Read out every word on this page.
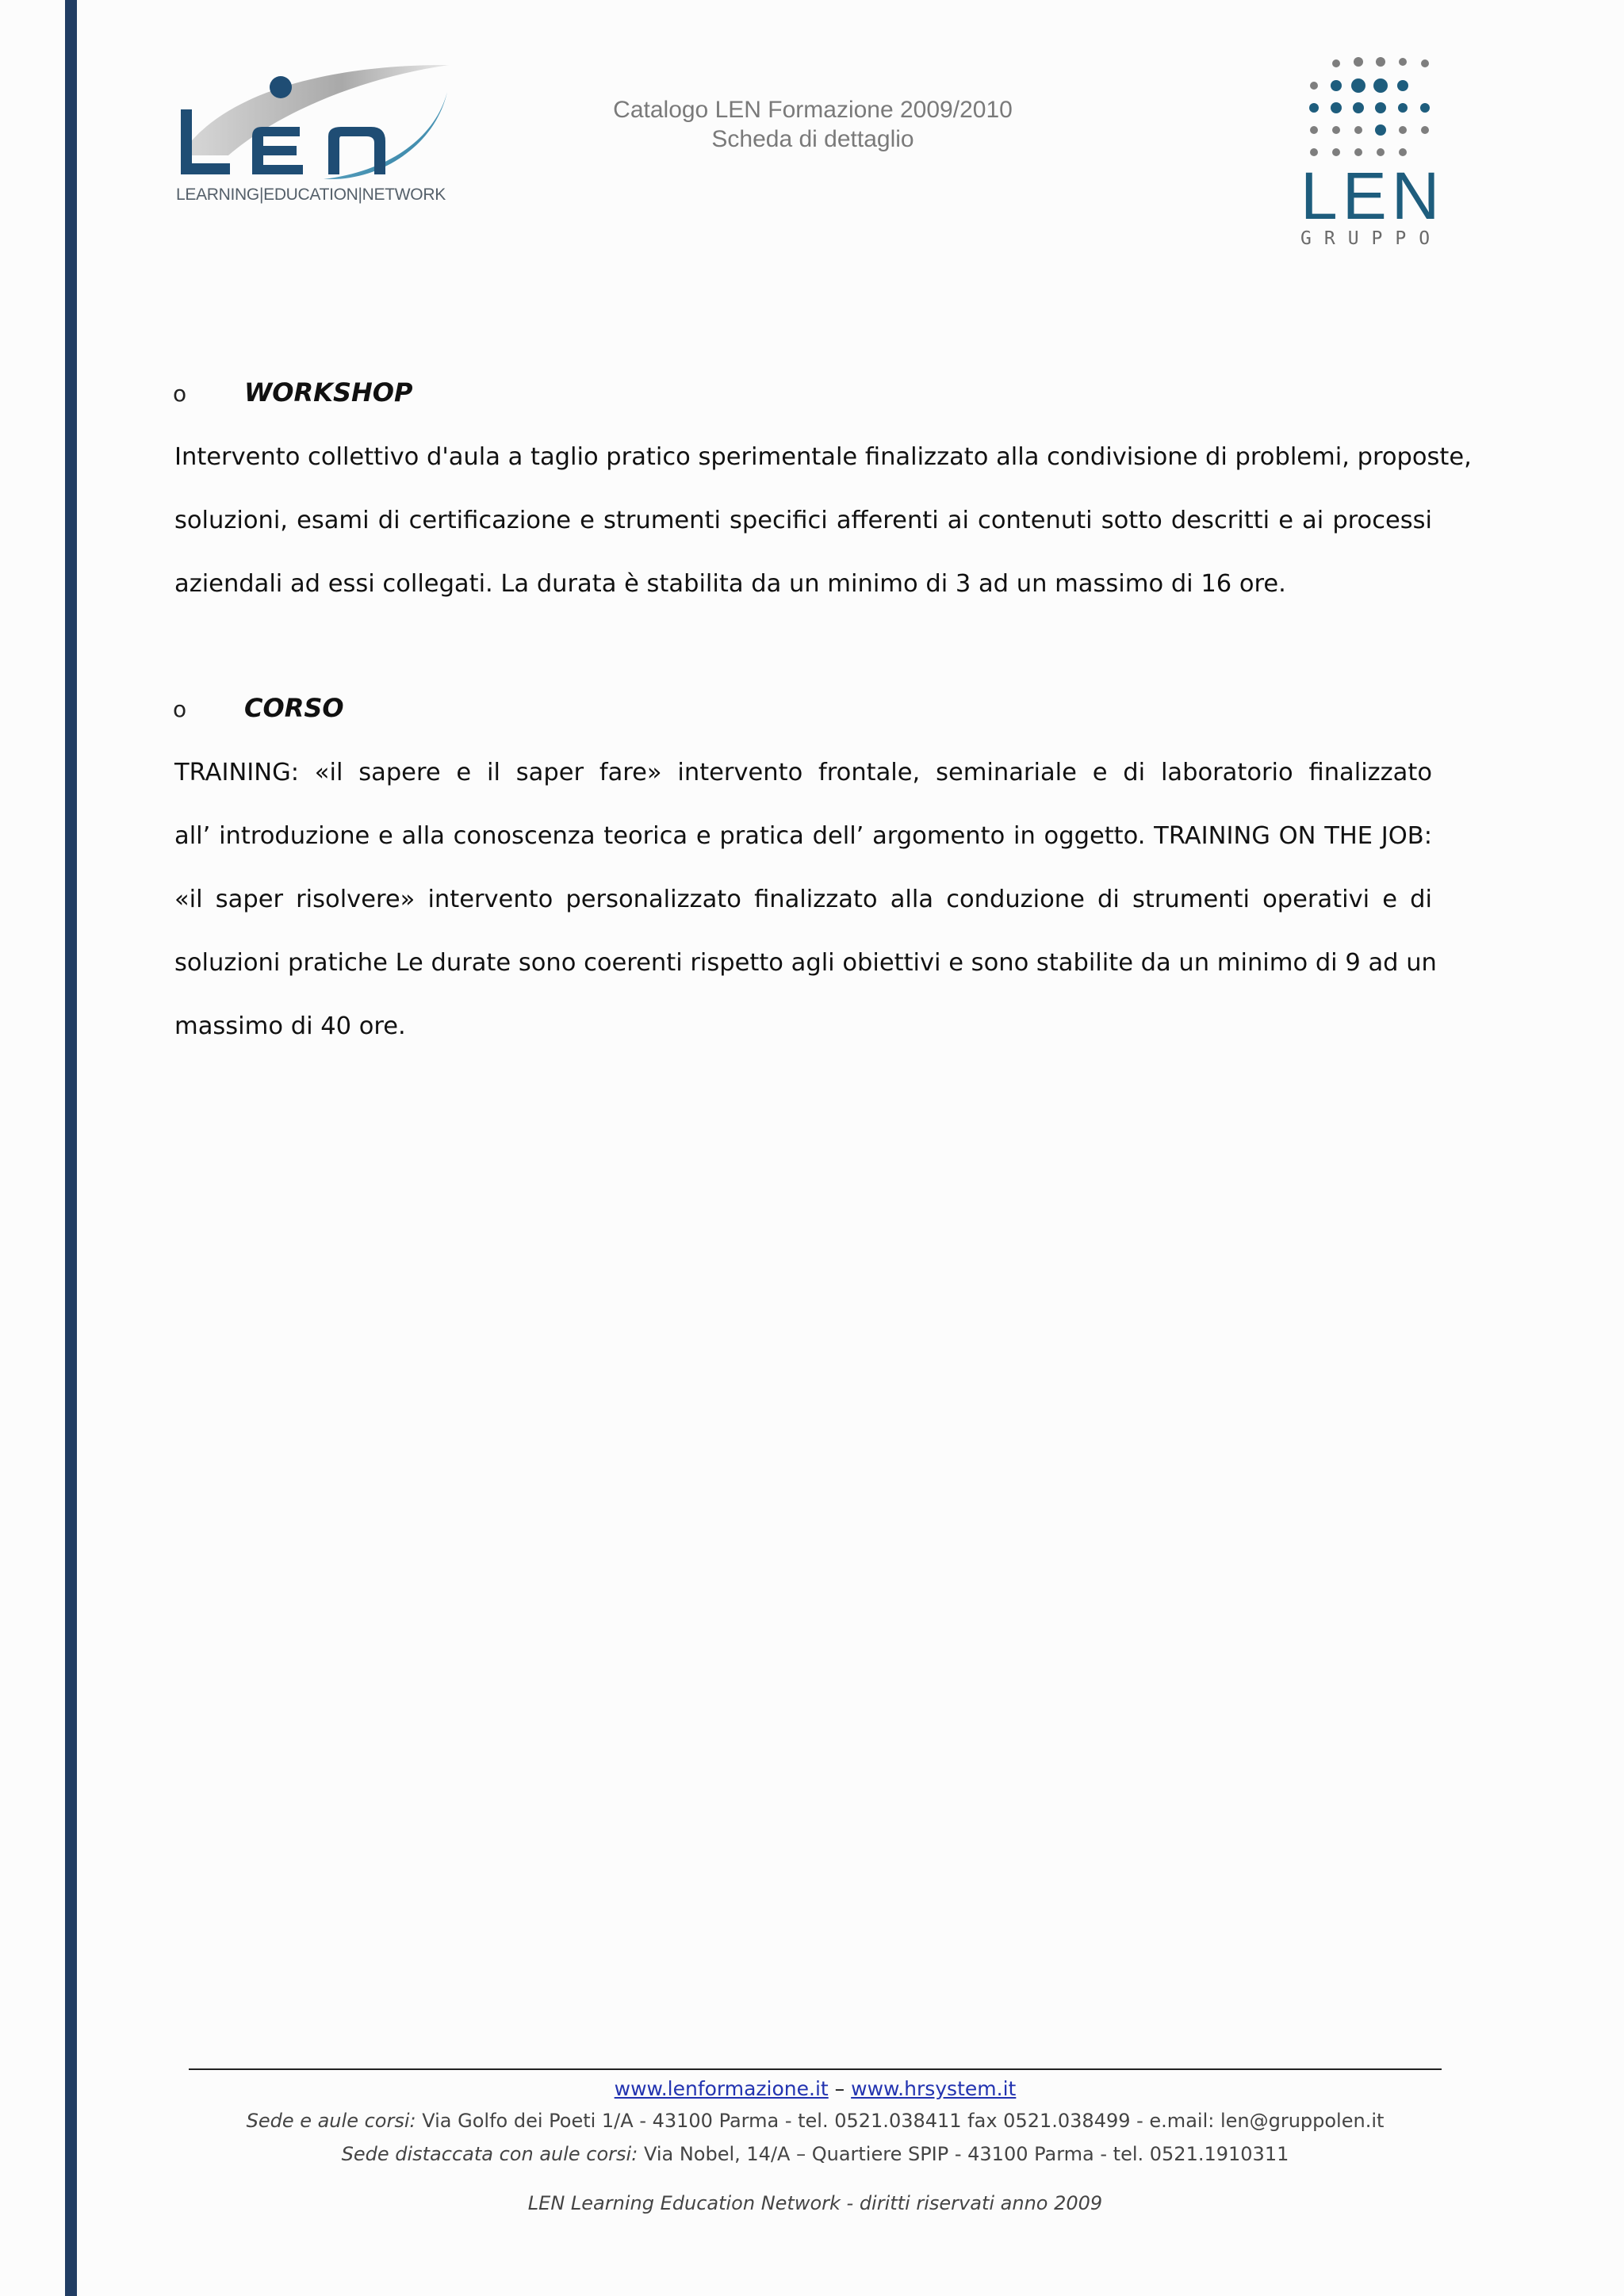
LEARNING|EDUCATION|NETWORK
Catalogo LEN Formazione 2009/2010
Scheda di dettaglio
LEN
GRUPPO
o WORKSHOP
Intervento collettivo d'aula a taglio pratico sperimentale finalizzato alla condivisione di problemi, proposte,
soluzioni, esami di certificazione e strumenti specifici afferenti ai contenuti sotto descritti e ai processi
aziendali ad essi collegati. La durata è stabilita da un minimo di 3 ad un massimo di 16 ore.
o CORSO
TRAINING: «il sapere e il saper fare» intervento frontale, seminariale e di laboratorio finalizzato
all’ introduzione e alla conoscenza teorica e pratica dell’ argomento in oggetto. TRAINING ON THE JOB:
«il saper risolvere» intervento personalizzato finalizzato alla conduzione di strumenti operativi e di
soluzioni pratiche Le durate sono coerenti rispetto agli obiettivi e sono stabilite da un minimo di 9 ad un
massimo di 40 ore.
www.lenformazione.it – www.hrsystem.it
Sede e aule corsi: Via Golfo dei Poeti 1/A - 43100 Parma - tel. 0521.038411 fax 0521.038499 - e.mail: len@gruppolen.it
Sede distaccata con aule corsi: Via Nobel, 14/A – Quartiere SPIP - 43100 Parma - tel. 0521.1910311
LEN Learning Education Network - diritti riservati anno 2009
